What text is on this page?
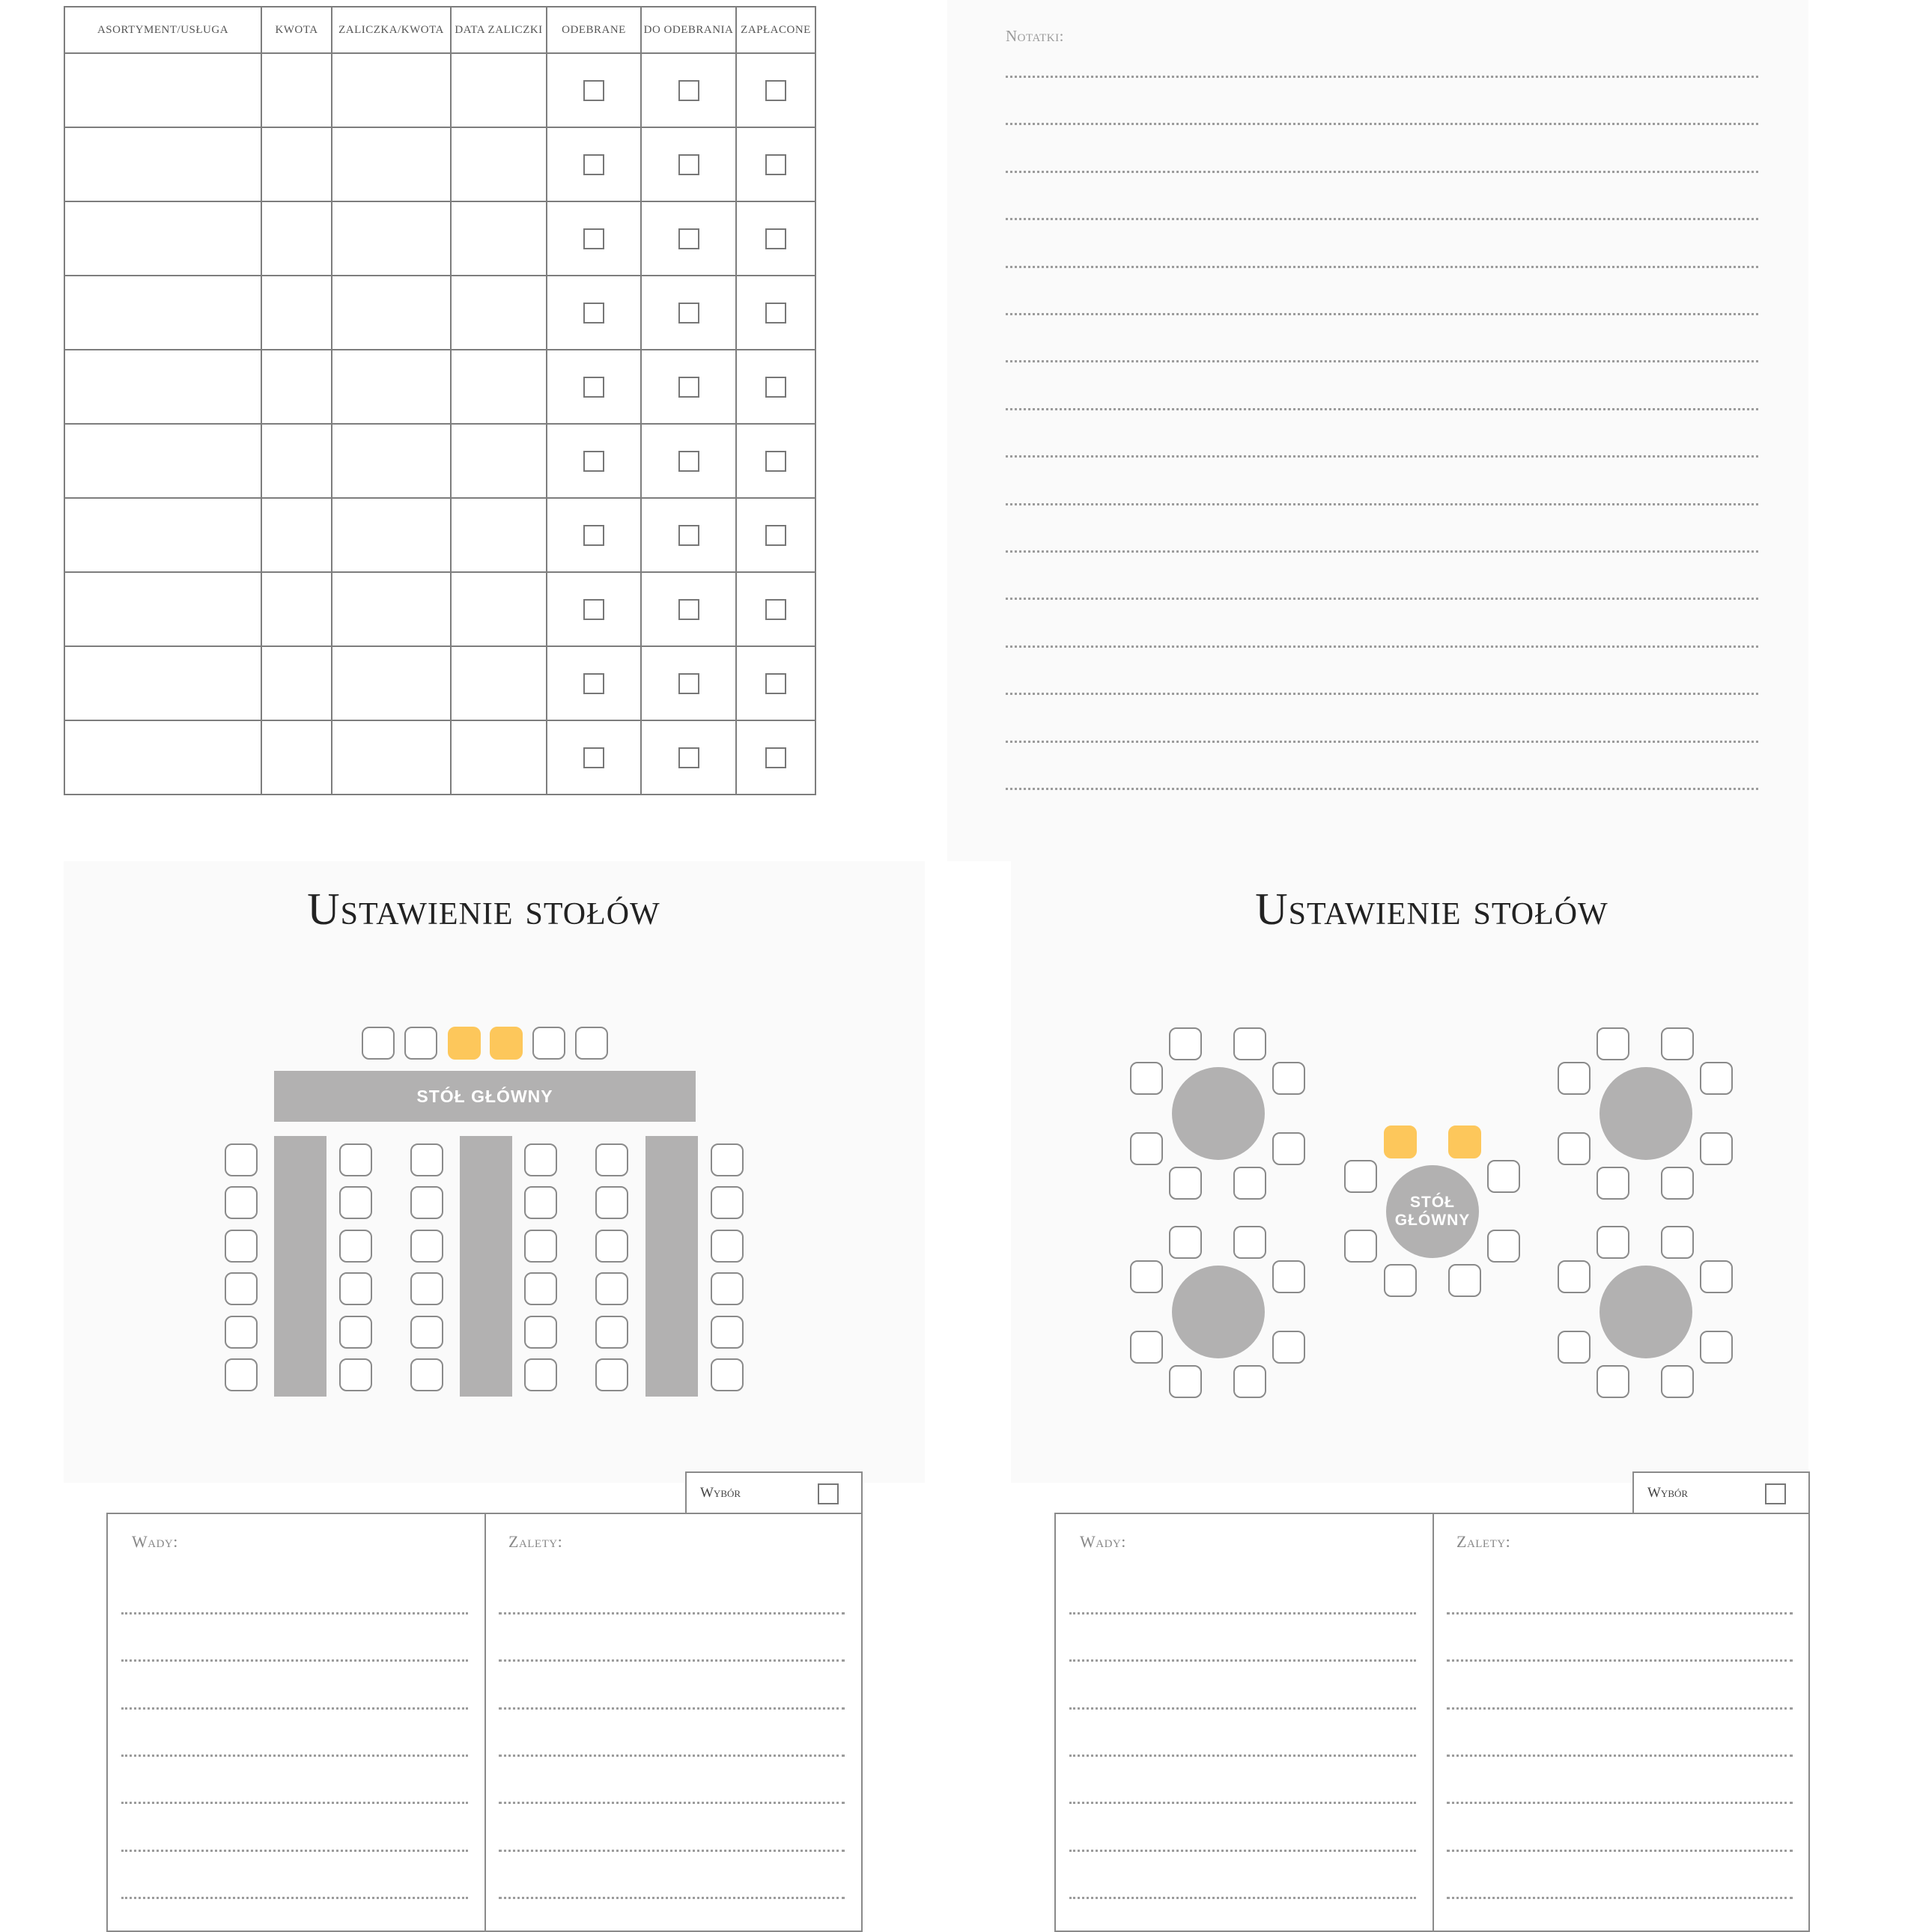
ASORTYMENT/USŁUGA	KWOTA	ZALICZKA/KWOTA	DATA ZALICZKI	ODEBRANE	DO ODEBRANIA	ZAPŁACONE

							Notatki:
Ustawienie stołów
STÓŁ GŁÓWNY
Ustawienie stołów
STÓŁ
GŁÓWNY
Wybór
Wady:	Zalety:
Wybór
Wady:	Zalety:
